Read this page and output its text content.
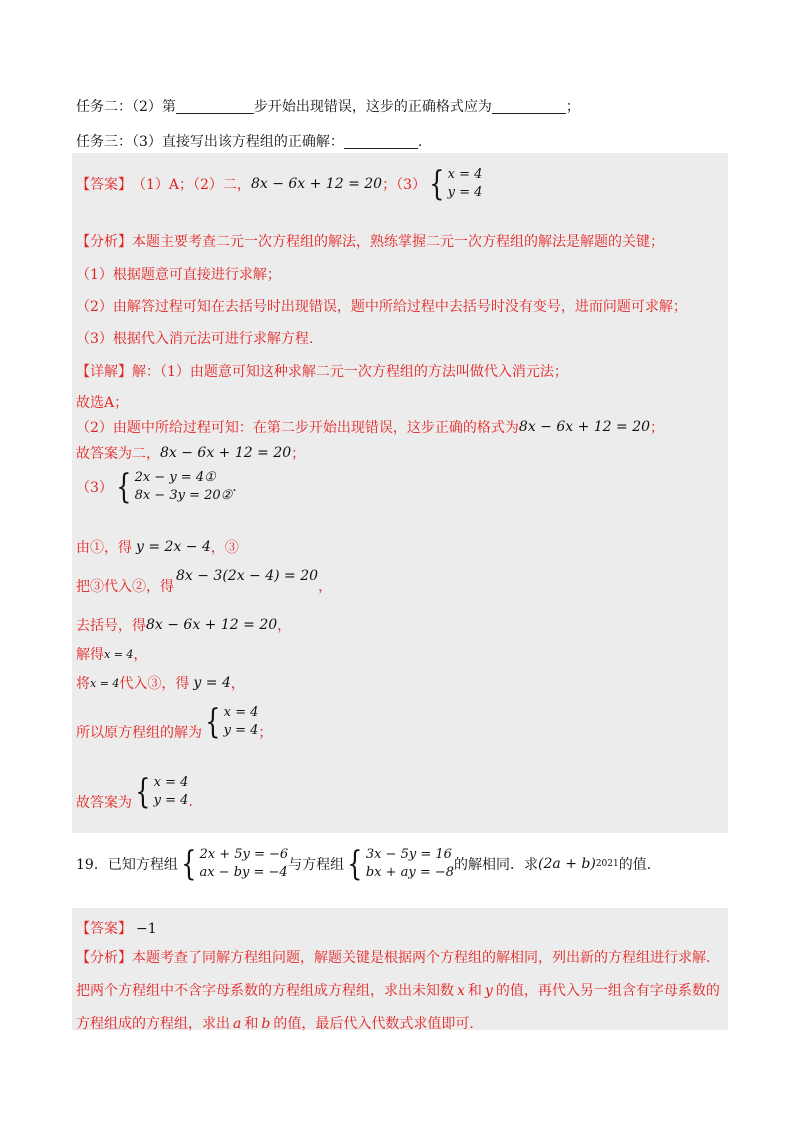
任务二：（2）第	步开始出现错误，这步的正确格式应为	；
任务三：（3）直接写出该方程组的正确解：	.
【答案】 （1）A；（2）二， 8x − 6x + 12 = 20 ；（3） { x = 4
y = 4
【分析】本题主要考查二元一次方程组的解法，熟练掌握二元一次方程组的解法是解题的关键；
（1）根据题意可直接进行求解；
（2）由解答过程可知在去括号时出现错误，题中所给过程中去括号时没有变号，进而问题可求解；
（3）根据代入消元法可进行求解方程.
【详解】解：（1）由题意可知这种求解二元一次方程组的方法叫做代入消元法；
故选A；
（2）由题中所给过程可知：在第二步开始出现错误，这步正确的格式为 8x − 6x + 12 = 20 ；
故答案为二， 8x − 6x + 12 = 20 ；
（3） { 2x − y = 4①
8x − 3y = 20②
.
由①，得 y = 2x − 4 ，③
把③代入②，得
8x − 3(2x − 4) = 20
，
去括号，得 8x − 6x + 12 = 20 ，
解得 x = 4 ，
将 x = 4 代入③，得 y = 4 ，
所以原方程组的解为 { x = 4
y = 4 ；
故答案为 { x = 4
y = 4 .
19．已知方程组 { 2x + 5y = −6
ax − by = −4 与方程组 { 3x − 5y = 16
bx + ay = −8 的解相同．求 (2a + b) 2021 的值.
【答案】 −1
【分析】本题考查了同解方程组问题，解题关键是根据两个方程组的解相同，列出新的方程组进行求解.
把两个方程组中不含字母系数的方程组成方程组，求出未知数 x 和 y 的值，再代入另一组含有字母系数的
方程组成的方程组，求出 a 和 b 的值，最后代入代数式求值即可.
